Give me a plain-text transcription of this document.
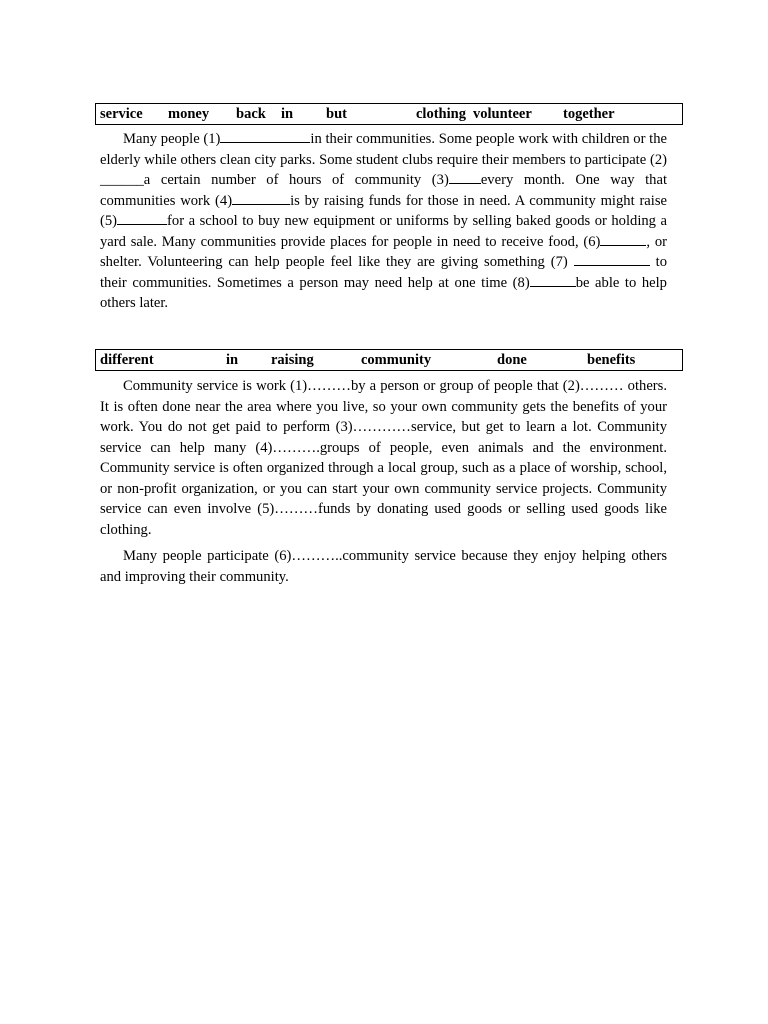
service money back in but	clothing volunteer together

Many people (1)	in their communities. Some people work with children or the elderly while others clean city parks. Some student clubs require their members to participate (2) ______a certain number of hours of community (3) every month. One way that communities work (4)	is by raising funds for those in need. A community might raise (5)	for a school to buy new equipment or uniforms by selling baked goods or holding a yard sale. Many communities provide places for people in need to receive food, (6)	, or shelter. Volunteering can help people feel like they are giving something (7)	to their communities. Sometimes a person may need help at one time (8)	be able to help others later.

different	in raising	community	done	benefits

Community service is work (1)………by a person or group of people that (2)……… others. It is often done near the area where you live, so your own community gets the benefits of your work. You do not get paid to perform (3)…………service, but get to learn a lot. Community service can help many (4)……….groups of people, even animals and the environment. Community service is often organized through a local group, such as a place of worship, school, or non-profit organization, or you can start your own community service projects. Community service can even involve (5)………funds by donating used goods or selling used goods like clothing.

Many people participate (6)………..community service because they enjoy helping others and improving their community.
